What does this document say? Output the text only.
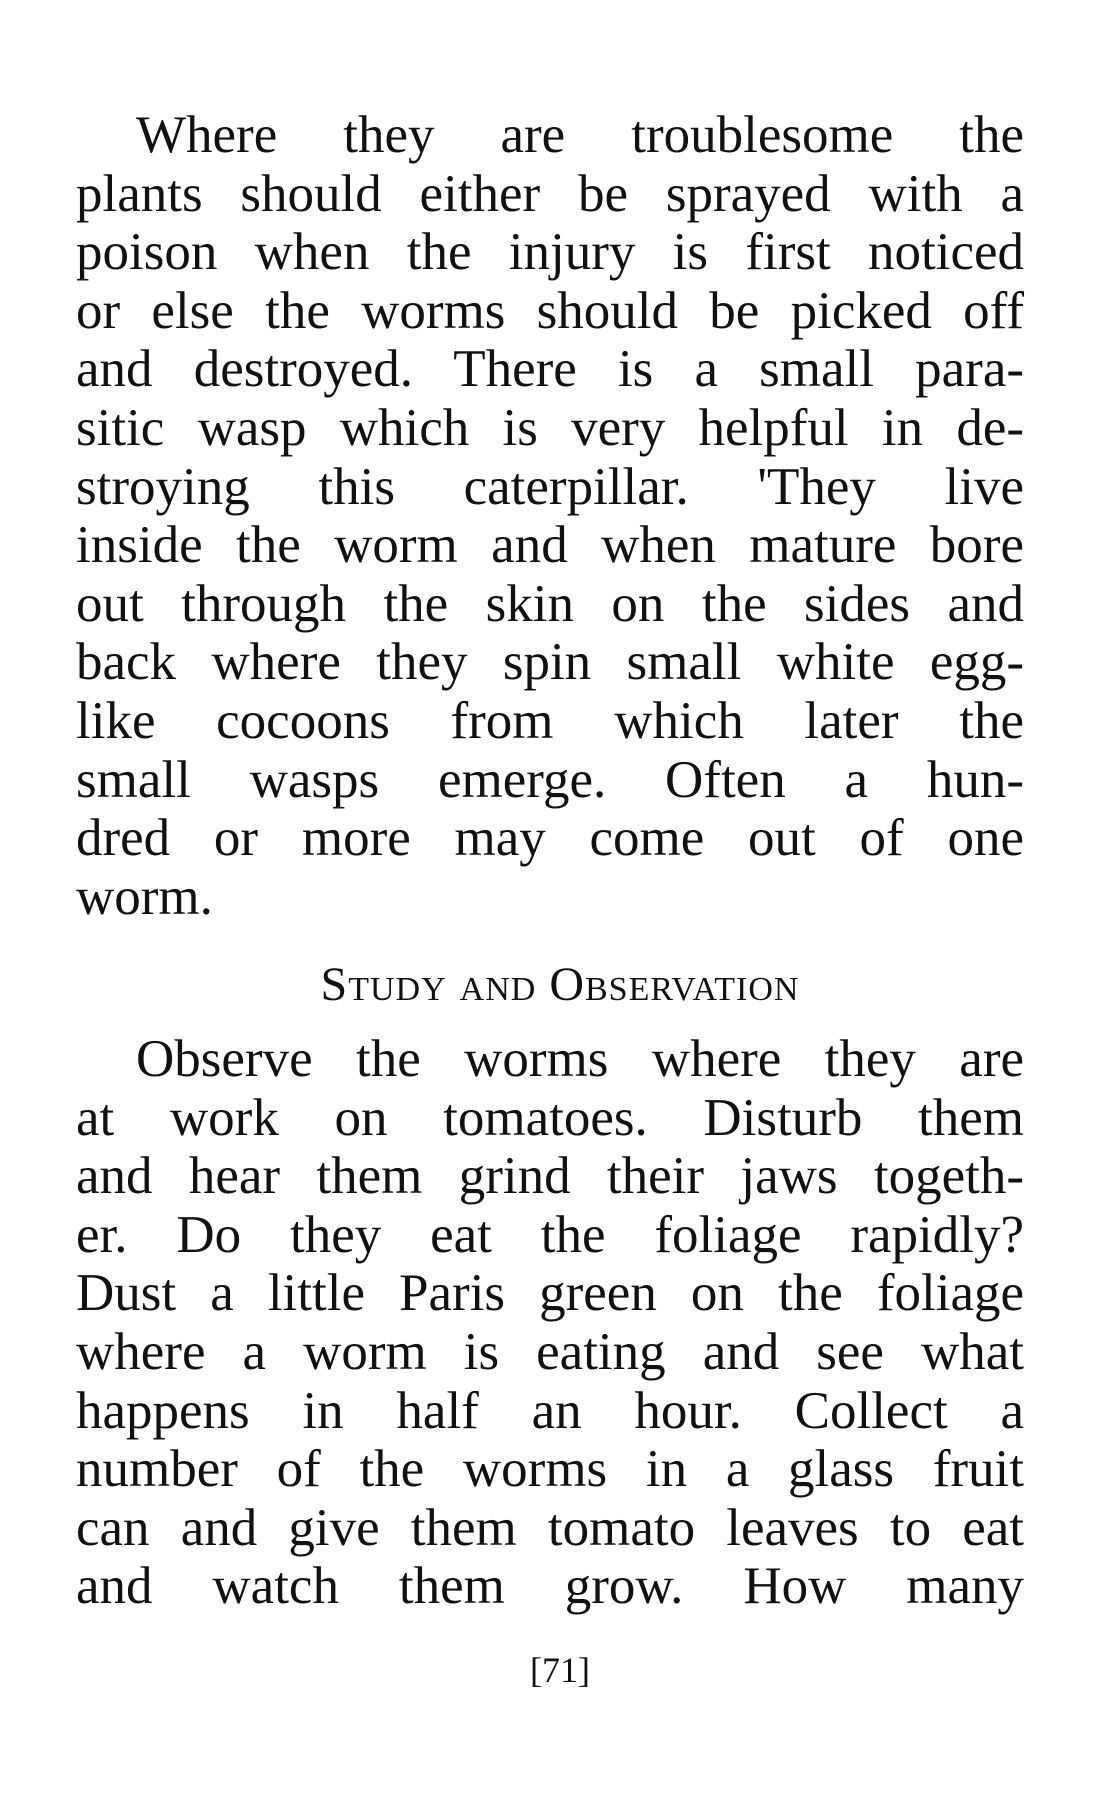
Where they are troublesome the
plants should either be sprayed with a
poison when the injury is first noticed
or else the worms should be picked off
and destroyed. There is a small para-
sitic wasp which is very helpful in de-
stroying this caterpillar. 'They live
inside the worm and when mature bore
out through the skin on the sides and
back where they spin small white egg-
like cocoons from which later the
small wasps emerge. Often a hun-
dred or more may come out of one
worm.
Study and Observation
Observe the worms where they are
at work on tomatoes. Disturb them
and hear them grind their jaws togeth-
er. Do they eat the foliage rapidly?
Dust a little Paris green on the foliage
where a worm is eating and see what
happens in half an hour. Collect a
number of the worms in a glass fruit
can and give them tomato leaves to eat
and watch them grow. How many
[71]
